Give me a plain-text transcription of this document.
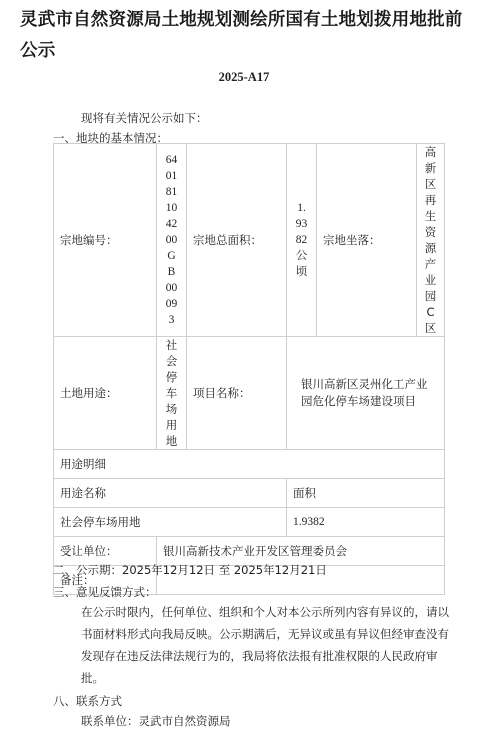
灵武市自然资源局土地规划测绘所国有土地划拨用地批前公示
2025-A17
现将有关情况公示如下：
一、地块的基本情况：
宗地编号：	640181104200GB00093	宗地总面积：	1.9382公顷	宗地坐落：	高新区再生资源产业园C区
土地用途：	社会停车场用地	项目名称：	银川高新区灵州化工产业园危化停车场建设项目		
用途明细					
用途名称			面积		
社会停车场用地			1.9382		
受让单位：	银川高新技术产业开发区管理委员会				
备注：					
二、公示期：2025年12月12日 至 2025年12月21日
三、意见反馈方式：
在公示时限内，任何单位、组织和个人对本公示所列内容有异议的，请以书面材料形式向我局反映。公示期满后，无异议或虽有异议但经审查没有发现存在违反法律法规行为的，我局将依法报有批准权限的人民政府审批。
八、联系方式
联系单位：灵武市自然资源局
